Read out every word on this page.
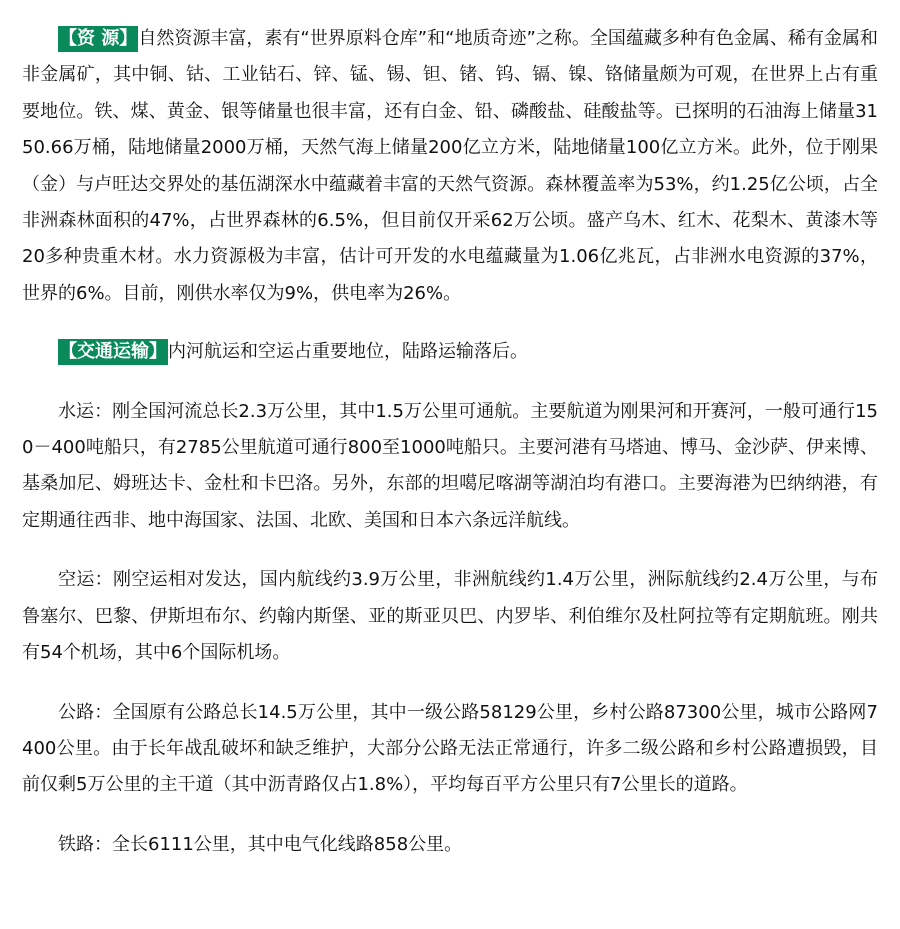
【资 源】自然资源丰富，素有“世界原料仓库”和“地质奇迹”之称。全国蕴藏多种有色金属、稀有金属和非金属矿，其中铜、钴、工业钻石、锌、锰、锡、钽、锗、钨、镉、镍、铬储量颇为可观，在世界上占有重要地位。铁、煤、黄金、银等储量也很丰富，还有白金、铅、磷酸盐、硅酸盐等。已探明的石油海上储量3150.66万桶，陆地储量2000万桶，天然气海上储量200亿立方米，陆地储量100亿立方米。此外，位于刚果（金）与卢旺达交界处的基伍湖深水中蕴藏着丰富的天然气资源。森林覆盖率为53%，约1.25亿公顷，占全非洲森林面积的47%，占世界森林的6.5%，但目前仅开采62万公顷。盛产乌木、红木、花梨木、黄漆木等20多种贵重木材。水力资源极为丰富，估计可开发的水电蕴藏量为1.06亿兆瓦，占非洲水电资源的37%，世界的6%。目前，刚供水率仅为9%，供电率为26%。

【交通运输】内河航运和空运占重要地位，陆路运输落后。

水运：刚全国河流总长2.3万公里，其中1.5万公里可通航。主要航道为刚果河和开赛河，一般可通行150－400吨船只，有2785公里航道可通行800至1000吨船只。主要河港有马塔迪、博马、金沙萨、伊来博、基桑加尼、姆班达卡、金杜和卡巴洛。另外，东部的坦噶尼喀湖等湖泊均有港口。主要海港为巴纳纳港，有定期通往西非、地中海国家、法国、北欧、美国和日本六条远洋航线。

空运：刚空运相对发达，国内航线约3.9万公里，非洲航线约1.4万公里，洲际航线约2.4万公里，与布鲁塞尔、巴黎、伊斯坦布尔、约翰内斯堡、亚的斯亚贝巴、内罗毕、利伯维尔及杜阿拉等有定期航班。刚共有54个机场，其中6个国际机场。

公路：全国原有公路总长14.5万公里，其中一级公路58129公里，乡村公路87300公里，城市公路网7400公里。由于长年战乱破坏和缺乏维护，大部分公路无法正常通行，许多二级公路和乡村公路遭损毁，目前仅剩5万公里的主干道（其中沥青路仅占1.8%），平均每百平方公里只有7公里长的道路。

铁路：全长6111公里，其中电气化线路858公里。
